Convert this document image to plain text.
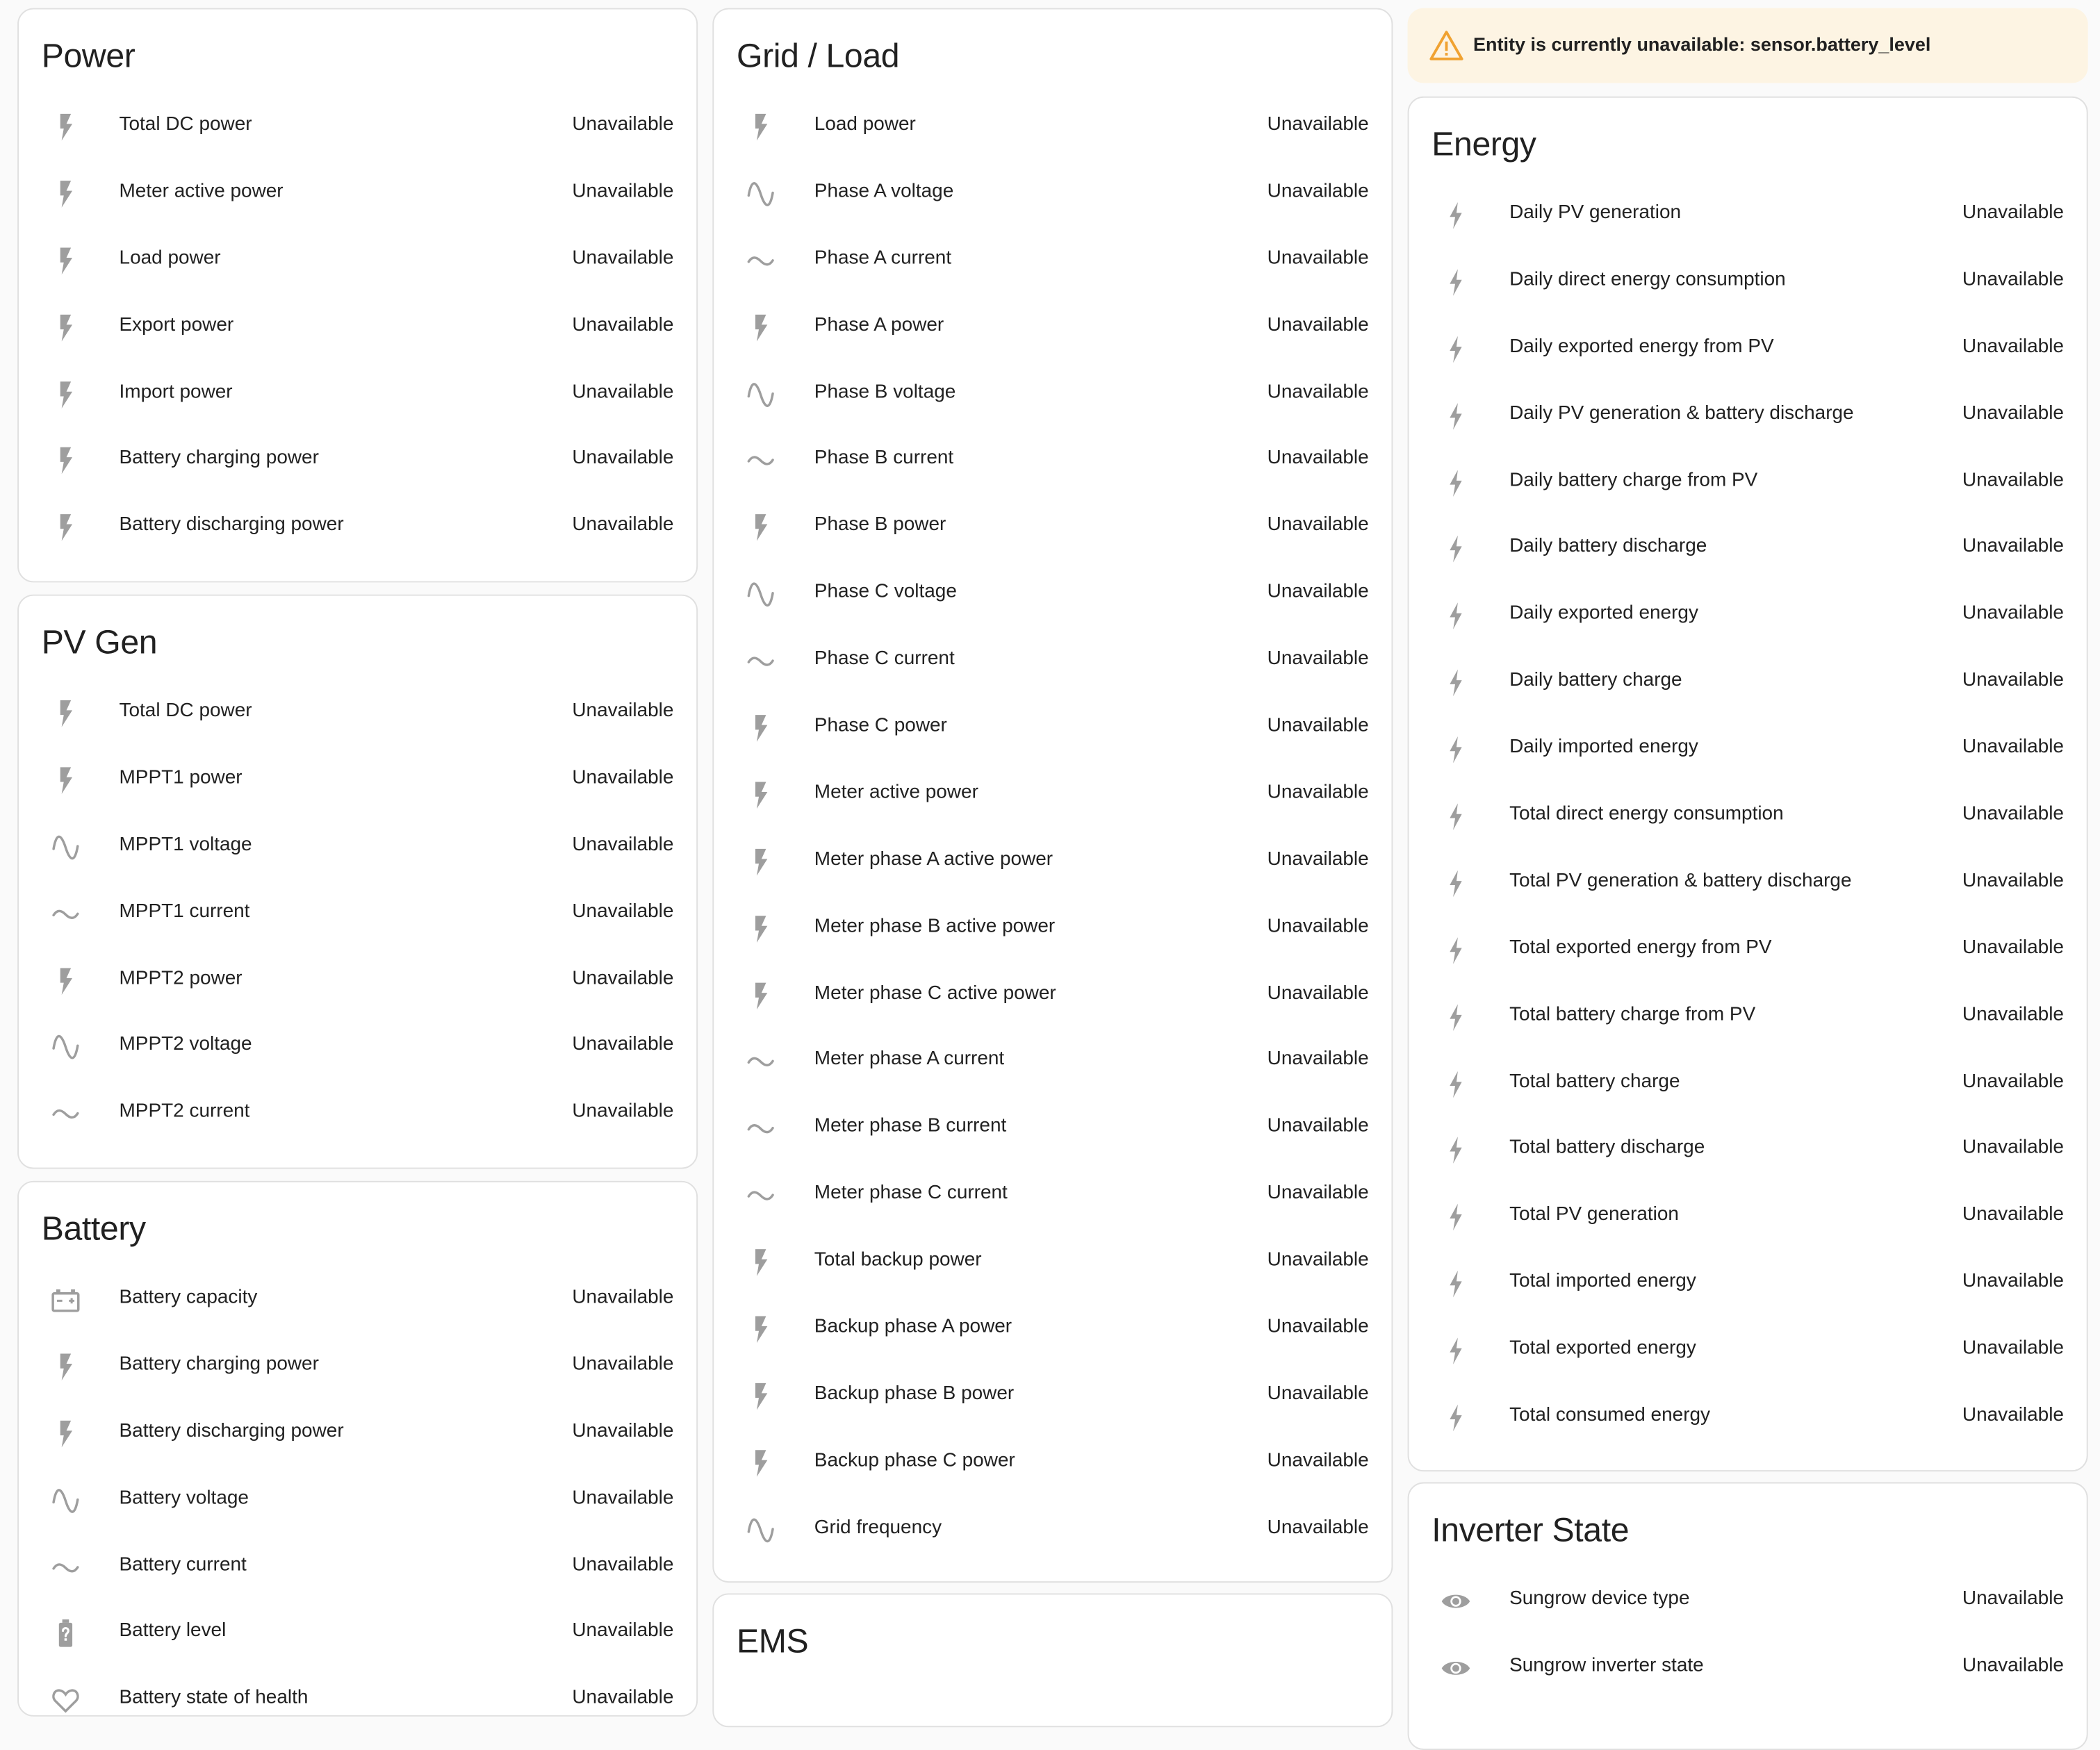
Power
Total DC power	Unavailable
Meter active power	Unavailable
Load power	Unavailable
Export power	Unavailable
Import power	Unavailable
Battery charging power	Unavailable
Battery discharging power	Unavailable
PV Gen
Total DC power	Unavailable
MPPT1 power	Unavailable
MPPT1 voltage	Unavailable
MPPT1 current	Unavailable
MPPT2 power	Unavailable
MPPT2 voltage	Unavailable
MPPT2 current	Unavailable
Battery
Battery capacity	Unavailable
Battery charging power	Unavailable
Battery discharging power	Unavailable
Battery voltage	Unavailable
Battery current	Unavailable
Battery level	Unavailable
Battery state of health	Unavailable
Grid / Load
Load power	Unavailable
Phase A voltage	Unavailable
Phase A current	Unavailable
Phase A power	Unavailable
Phase B voltage	Unavailable
Phase B current	Unavailable
Phase B power	Unavailable
Phase C voltage	Unavailable
Phase C current	Unavailable
Phase C power	Unavailable
Meter active power	Unavailable
Meter phase A active power	Unavailable
Meter phase B active power	Unavailable
Meter phase C active power	Unavailable
Meter phase A current	Unavailable
Meter phase B current	Unavailable
Meter phase C current	Unavailable
Total backup power	Unavailable
Backup phase A power	Unavailable
Backup phase B power	Unavailable
Backup phase C power	Unavailable
Grid frequency	Unavailable
EMS
Entity is currently unavailable: sensor.battery_level
Energy
Daily PV generation	Unavailable
Daily direct energy consumption	Unavailable
Daily exported energy from PV	Unavailable
Daily PV generation & battery discharge	Unavailable
Daily battery charge from PV	Unavailable
Daily battery discharge	Unavailable
Daily exported energy	Unavailable
Daily battery charge	Unavailable
Daily imported energy	Unavailable
Total direct energy consumption	Unavailable
Total PV generation & battery discharge	Unavailable
Total exported energy from PV	Unavailable
Total battery charge from PV	Unavailable
Total battery charge	Unavailable
Total battery discharge	Unavailable
Total PV generation	Unavailable
Total imported energy	Unavailable
Total exported energy	Unavailable
Total consumed energy	Unavailable
Inverter State
Sungrow device type	Unavailable
Sungrow inverter state	Unavailable
